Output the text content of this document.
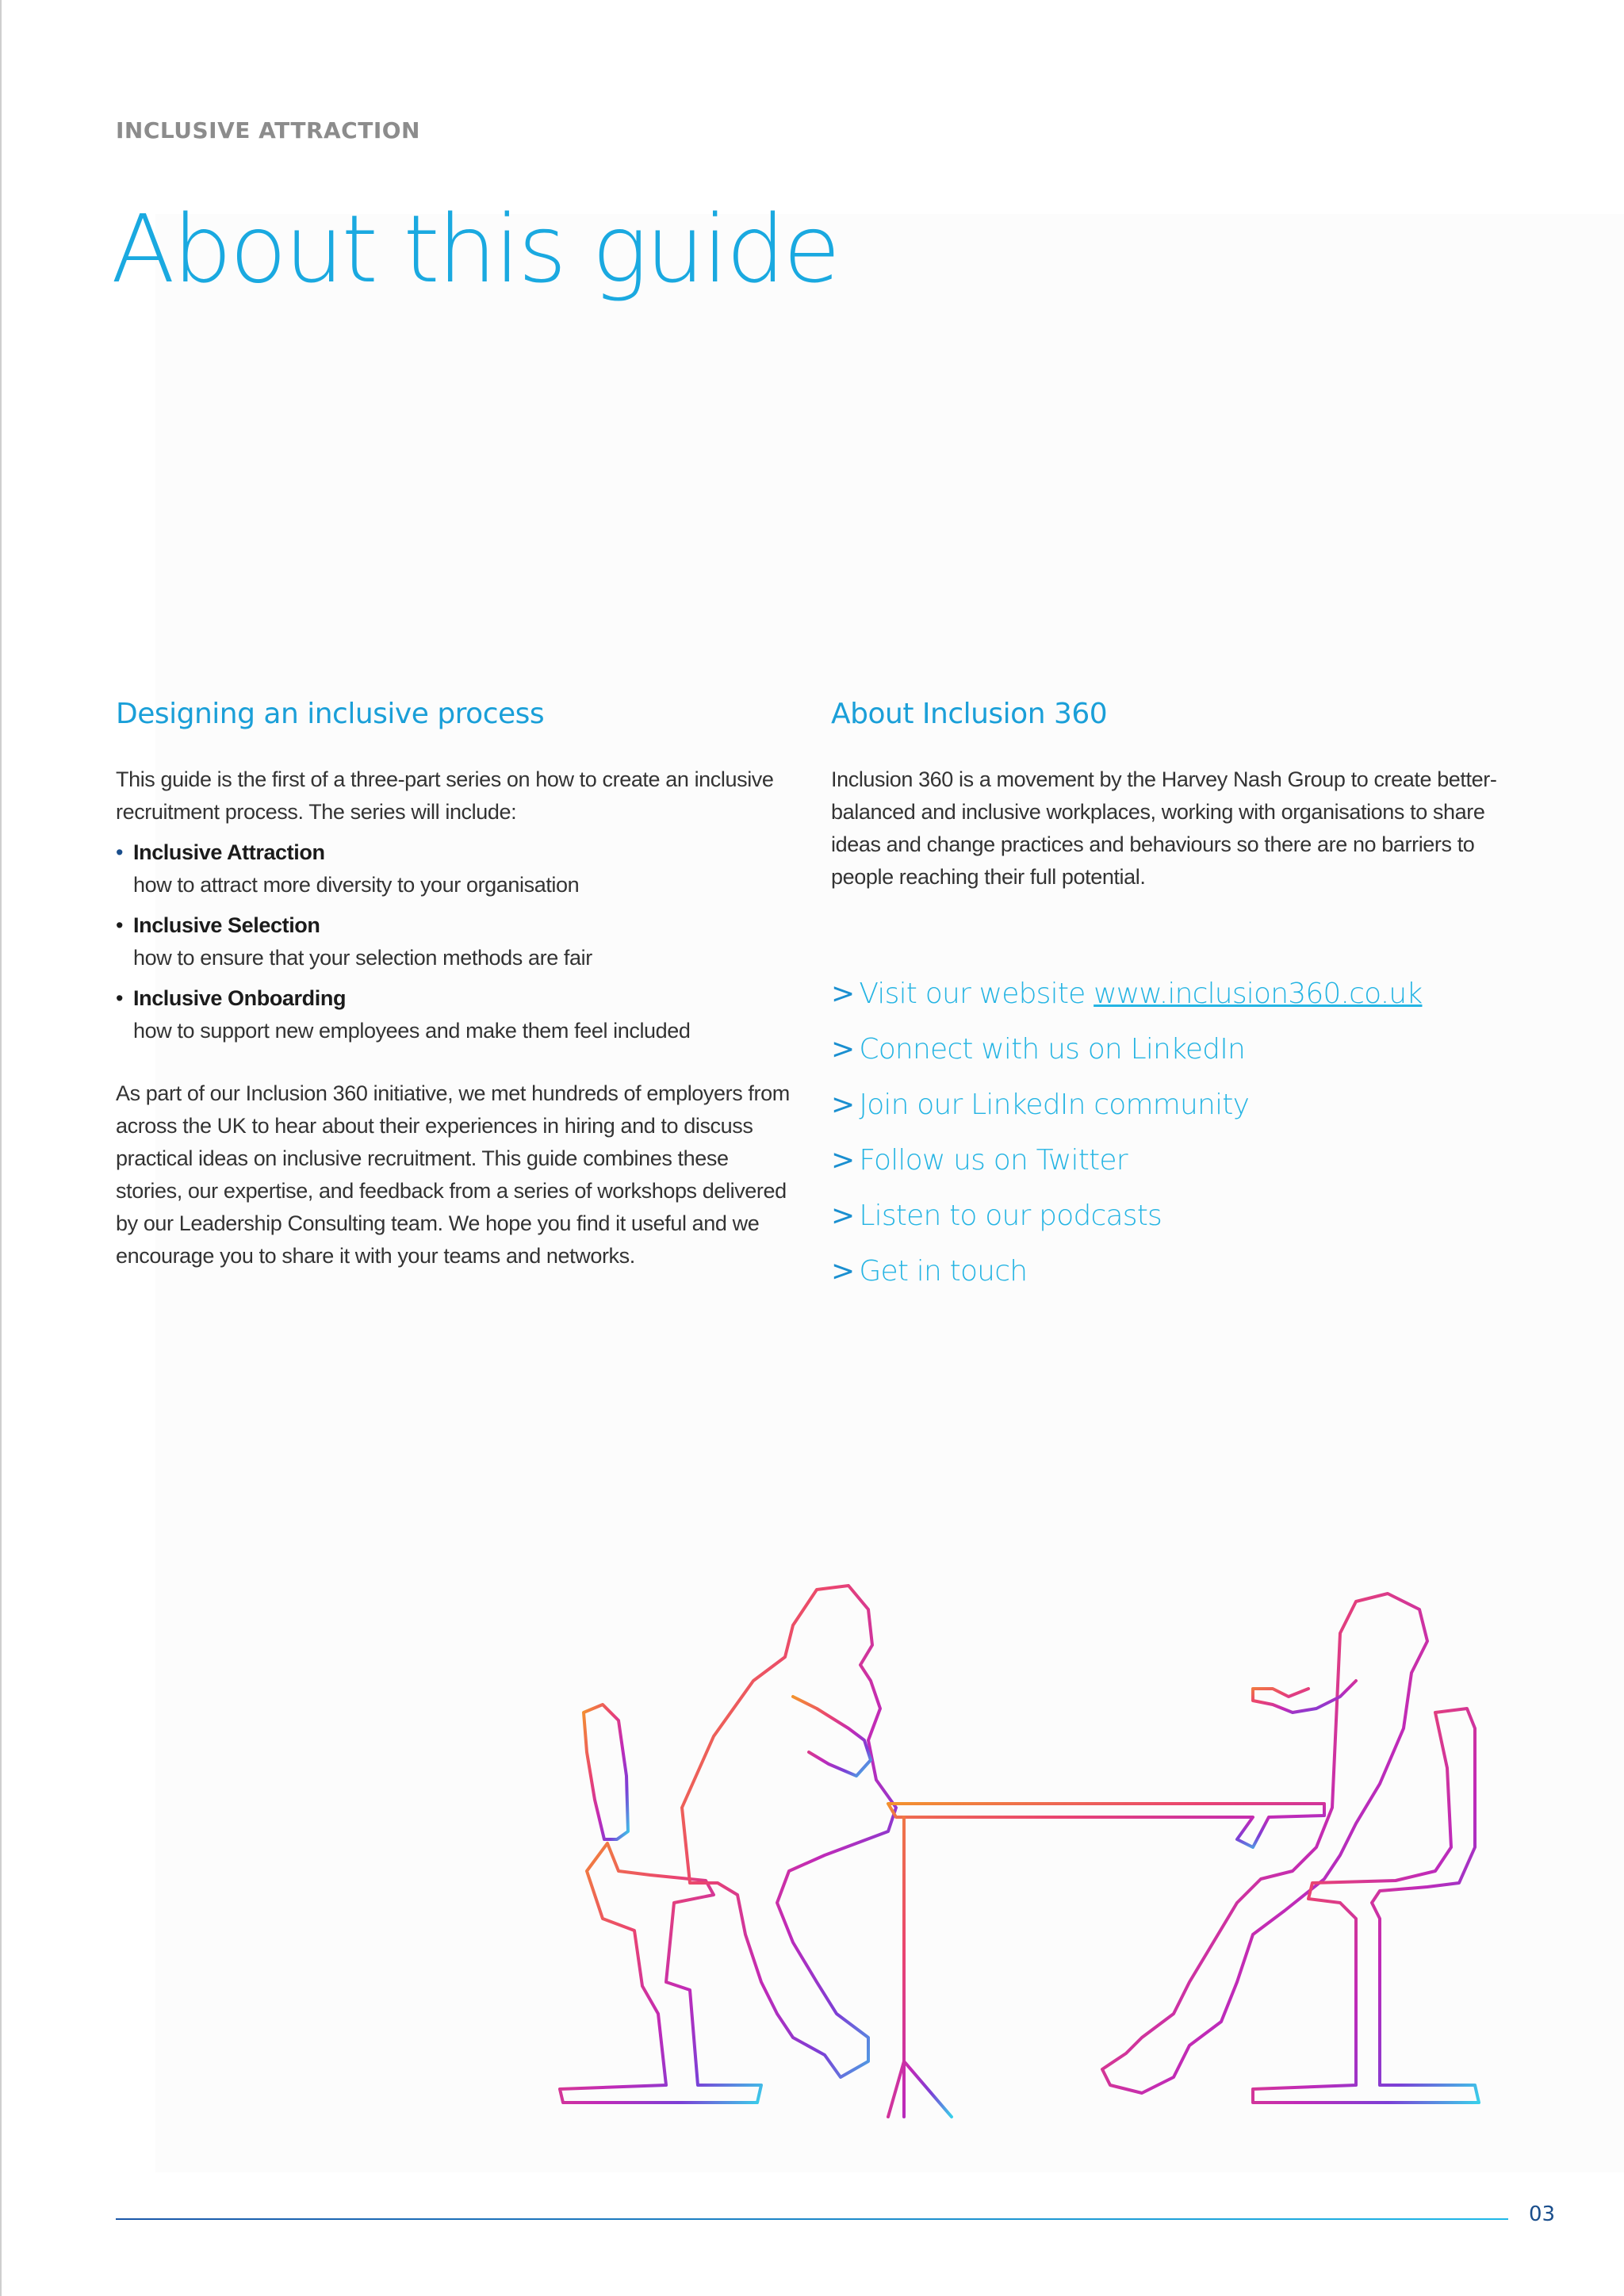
INCLUSIVE ATTRACTION
About this guide
Designing an inclusive process

This guide is the first of a three-part series on how to create an inclusive recruitment process. The series will include:

• Inclusive Attraction
how to attract more diversity to your organisation
• Inclusive Selection
how to ensure that your selection methods are fair
• Inclusive Onboarding
how to support new employees and make them feel included

As part of our Inclusion 360 initiative, we met hundreds of employers from across the UK to hear about their experiences in hiring and to discuss practical ideas on inclusive recruitment. This guide combines these stories, our expertise, and feedback from a series of workshops delivered by our Leadership Consulting team. We hope you find it useful and we encourage you to share it with your teams and networks.

About Inclusion 360

Inclusion 360 is a movement by the Harvey Nash Group to create better-balanced and inclusive workplaces, working with organisations to share ideas and change practices and behaviours so there are no barriers to people reaching their full potential.

> Visit our website www.inclusion360.co.uk
> Connect with us on LinkedIn
> Join our LinkedIn community
> Follow us on Twitter
> Listen to our podcasts
> Get in touch
03
